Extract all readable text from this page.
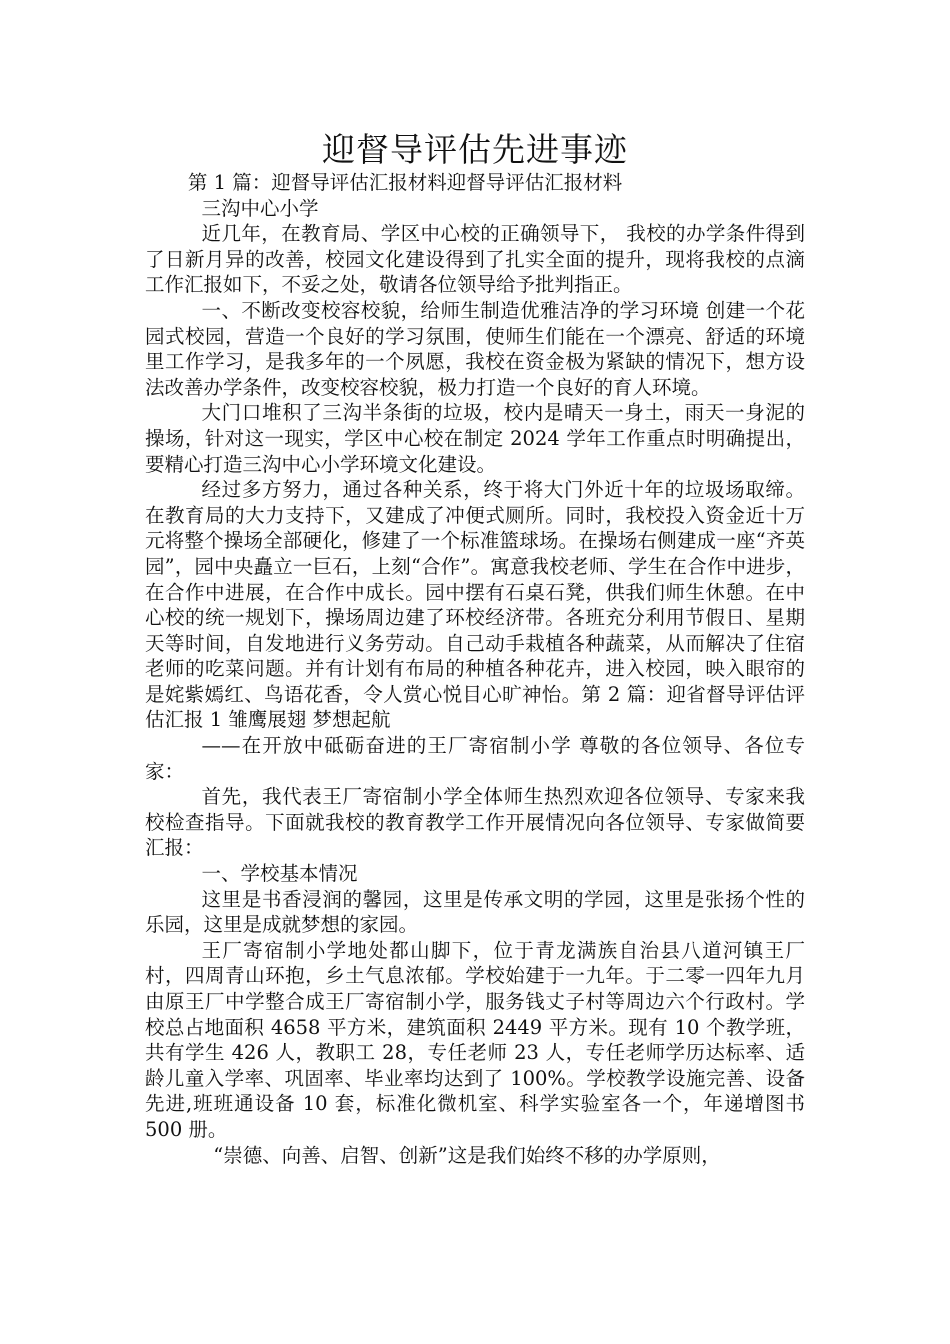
迎督导评估先进事迹

第 1 篇：迎督导评估汇报材料迎督导评估汇报材料

三沟中心小学

近几年，在教育局、学区中心校的正确领导下， 我校的办学条件得到了日新月异的改善，校园文化建设得到了扎实全面的提升，现将我校的点滴工作汇报如下，不妥之处，敬请各位领导给予批判指正。

一、不断改变校容校貌，给师生制造优雅洁净的学习环境 创建一个花园式校园，营造一个良好的学习氛围，使师生们能在一个漂亮、舒适的环境里工作学习，是我多年的一个夙愿，我校在资金极为紧缺的情况下，想方设法改善办学条件，改变校容校貌，极力打造一个良好的育人环境。

大门口堆积了三沟半条街的垃圾，校内是晴天一身土，雨天一身泥的操场，针对这一现实，学区中心校在制定 2024 学年工作重点时明确提出，要精心打造三沟中心小学环境文化建设。

经过多方努力，通过各种关系，终于将大门外近十年的垃圾场取缔。在教育局的大力支持下，又建成了冲便式厕所。同时，我校投入资金近十万元将整个操场全部硬化，修建了一个标准篮球场。在操场右侧建成一座“齐英园”，园中央矗立一巨石，上刻“合作”。寓意我校老师、学生在合作中进步，在合作中进展，在合作中成长。园中摆有石桌石凳，供我们师生休憩。在中心校的统一规划下，操场周边建了环校经济带。各班充分利用节假日、星期天等时间，自发地进行义务劳动。自己动手栽植各种蔬菜，从而解决了住宿老师的吃菜问题。并有计划有布局的种植各种花卉，进入校园，映入眼帘的是姹紫嫣红、鸟语花香，令人赏心悦目心旷神怡。第 2 篇：迎省督导评估评估汇报 1 雏鹰展翅 梦想起航

——在开放中砥砺奋进的王厂寄宿制小学 尊敬的各位领导、各位专家：

首先，我代表王厂寄宿制小学全体师生热烈欢迎各位领导、专家来我校检查指导。下面就我校的教育教学工作开展情况向各位领导、专家做简要汇报：

一、学校基本情况

这里是书香浸润的馨园，这里是传承文明的学园，这里是张扬个性的乐园，这里是成就梦想的家园。

王厂寄宿制小学地处都山脚下，位于青龙满族自治县八道河镇王厂村，四周青山环抱，乡土气息浓郁。学校始建于一九年。于二零一四年九月由原王厂中学整合成王厂寄宿制小学，服务钱丈子村等周边六个行政村。学校总占地面积 4658 平方米，建筑面积 2449 平方米。现有 10 个教学班，共有学生 426 人，教职工 28，专任老师 23 人，专任老师学历达标率、适龄儿童入学率、巩固率、毕业率均达到了 100%。学校教学设施完善、设备先进,班班通设备 10 套，标准化微机室、科学实验室各一个，年递增图书 500 册。

“崇德、向善、启智、创新”这是我们始终不移的办学原则，
